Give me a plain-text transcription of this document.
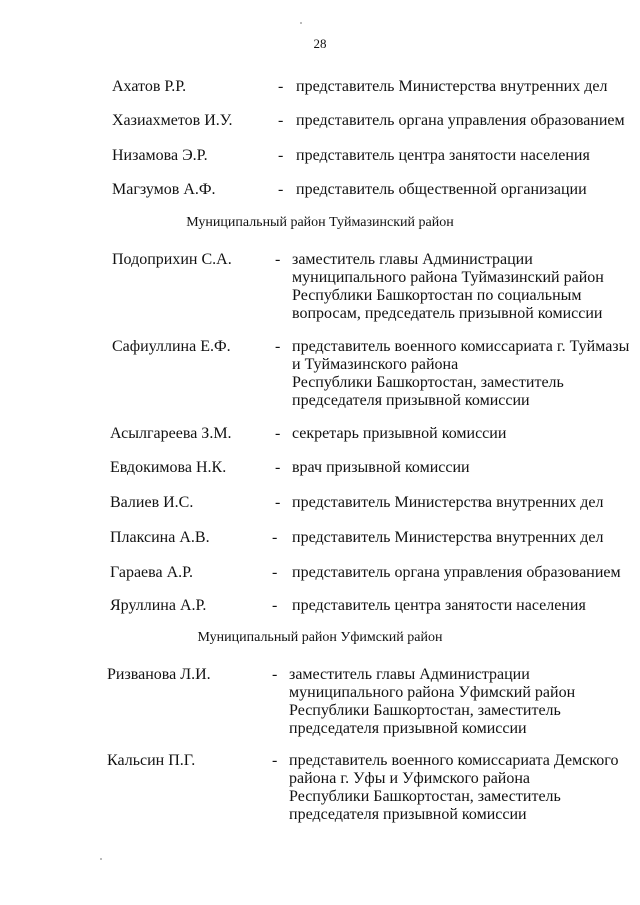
28
Ахатов Р.Р.	- представитель Министерства внутренних дел
Хазиахметов И.У.	- представитель органа управления образованием
Низамова Э.Р.	- представитель центра занятости населения
Магзумов А.Ф.	- представитель общественной организации
Муниципальный район Туймазинский район
Подоприхин С.А.	- заместитель главы Администрации
муниципального района Туймазинский район
Республики Башкортостан по социальным
вопросам, председатель призывной комиссии
Сафиуллина Е.Ф.	- представитель военного комиссариата г. Туймазы
и Туймазинского района
Республики Башкортостан, заместитель
председателя призывной комиссии
Асылгареева З.М.	- секретарь призывной комиссии
Евдокимова Н.К.	- врач призывной комиссии
Валиев И.С.	- представитель Министерства внутренних дел
Плаксина А.В.	- представитель Министерства внутренних дел
Гараева А.Р.	- представитель органа управления образованием
Яруллина А.Р.	- представитель центра занятости населения
Муниципальный район Уфимский район
Ризванова Л.И.	- заместитель главы Администрации
муниципального района Уфимский район
Республики Башкортостан, заместитель
председателя призывной комиссии
Кальсин П.Г.	- представитель военного комиссариата Демского
района г. Уфы и Уфимского района
Республики Башкортостан, заместитель
председателя призывной комиссии
